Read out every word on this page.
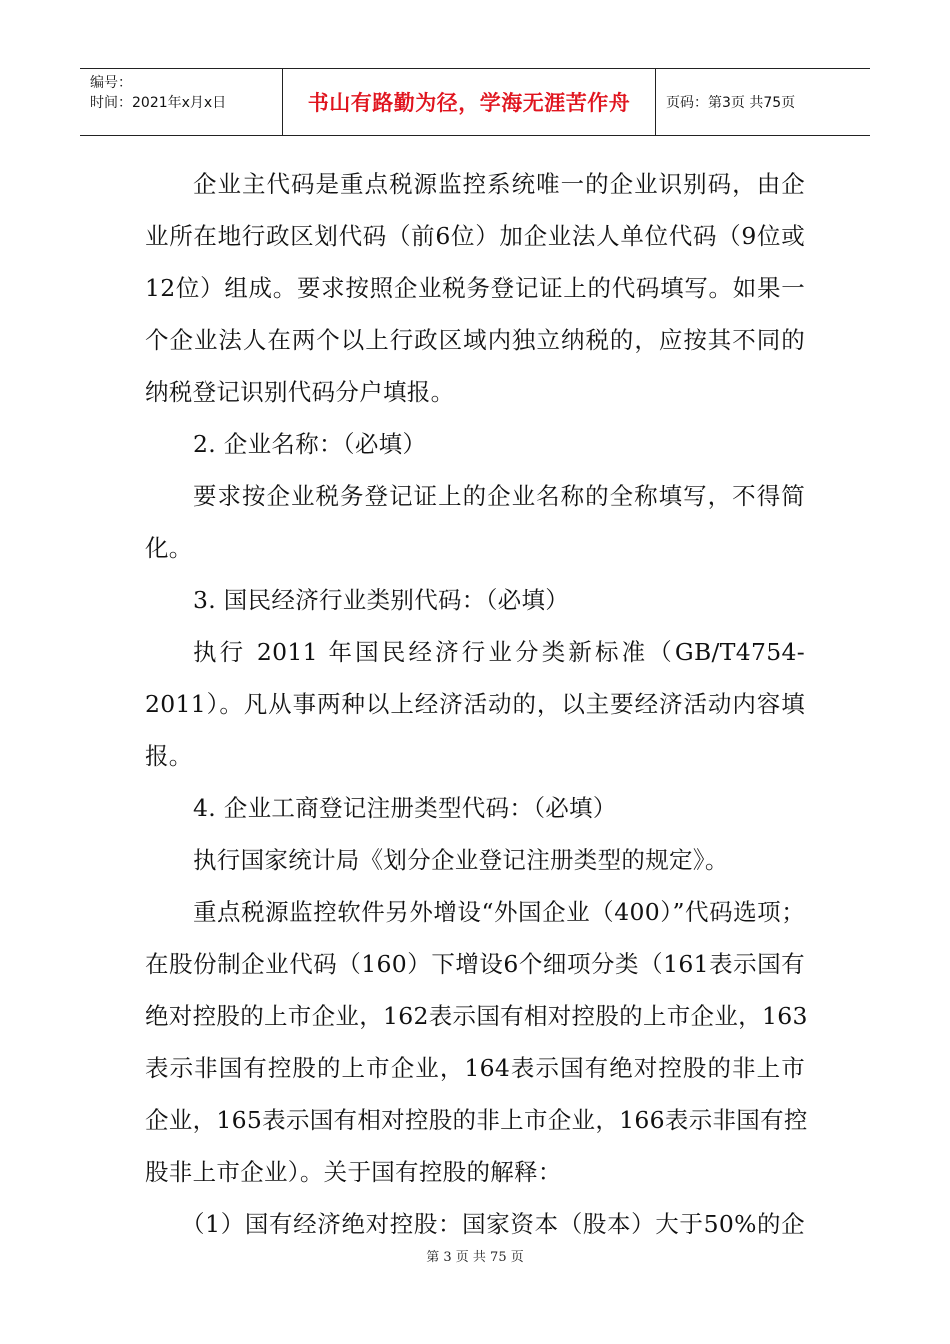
编号：
时间：2021年x月x日	书山有路勤为径，学海无涯苦作舟	页码：第3页 共75页
企业主代码是重点税源监控系统唯一的企业识别码，由企
业所在地行政区划代码（前6位）加企业法人单位代码（9位或
12位）组成。要求按照企业税务登记证上的代码填写。如果一
个企业法人在两个以上行政区域内独立纳税的，应按其不同的
纳税登记识别代码分户填报。
2. 企业名称：（必填）
要求按企业税务登记证上的企业名称的全称填写，不得简
化。
3. 国民经济行业类别代码：（必填）
执行 2011 年国民经济行业分类新标准（GB/T4754-
2011）。凡从事两种以上经济活动的，以主要经济活动内容填
报。
4. 企业工商登记注册类型代码：（必填）
执行国家统计局《划分企业登记注册类型的规定》。
重点税源监控软件另外增设“外国企业（400）”代码选项；
在股份制企业代码（160）下增设6个细项分类（161表示国有
绝对控股的上市企业，162表示国有相对控股的上市企业，163
表示非国有控股的上市企业，164表示国有绝对控股的非上市
企业，165表示国有相对控股的非上市企业，166表示非国有控
股非上市企业）。关于国有控股的解释：
（1）国有经济绝对控股：国家资本（股本）大于50%的企
第 3 页 共 75 页
